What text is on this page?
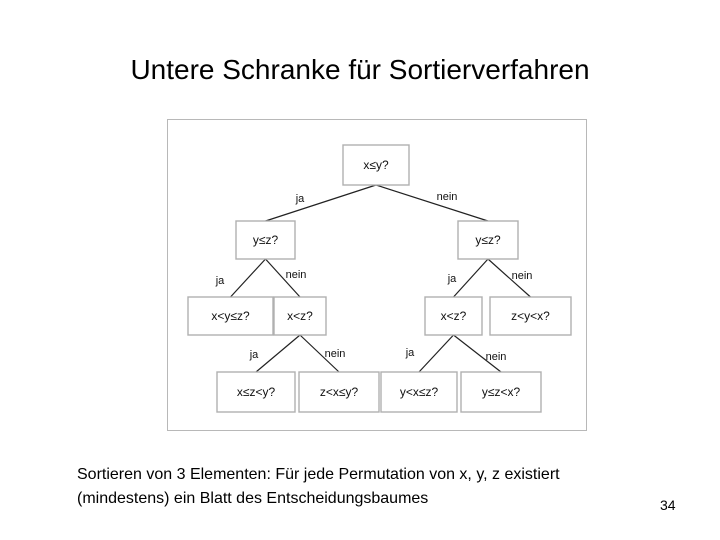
Untere Schranke für Sortierverfahren
ja	nein
ja	nein	ja	nein
ja	nein	ja	nein
x≤y?
y≤z?	y≤z?
x<y≤z?	x<z?	x<z?	z<y<x?
x≤z<y?	z<x≤y?	y<x≤z?	y≤z<x?
Sortieren von 3 Elementen: Für jede Permutation von x, y, z existiert
(mindestens) ein Blatt des Entscheidungsbaumes	34
